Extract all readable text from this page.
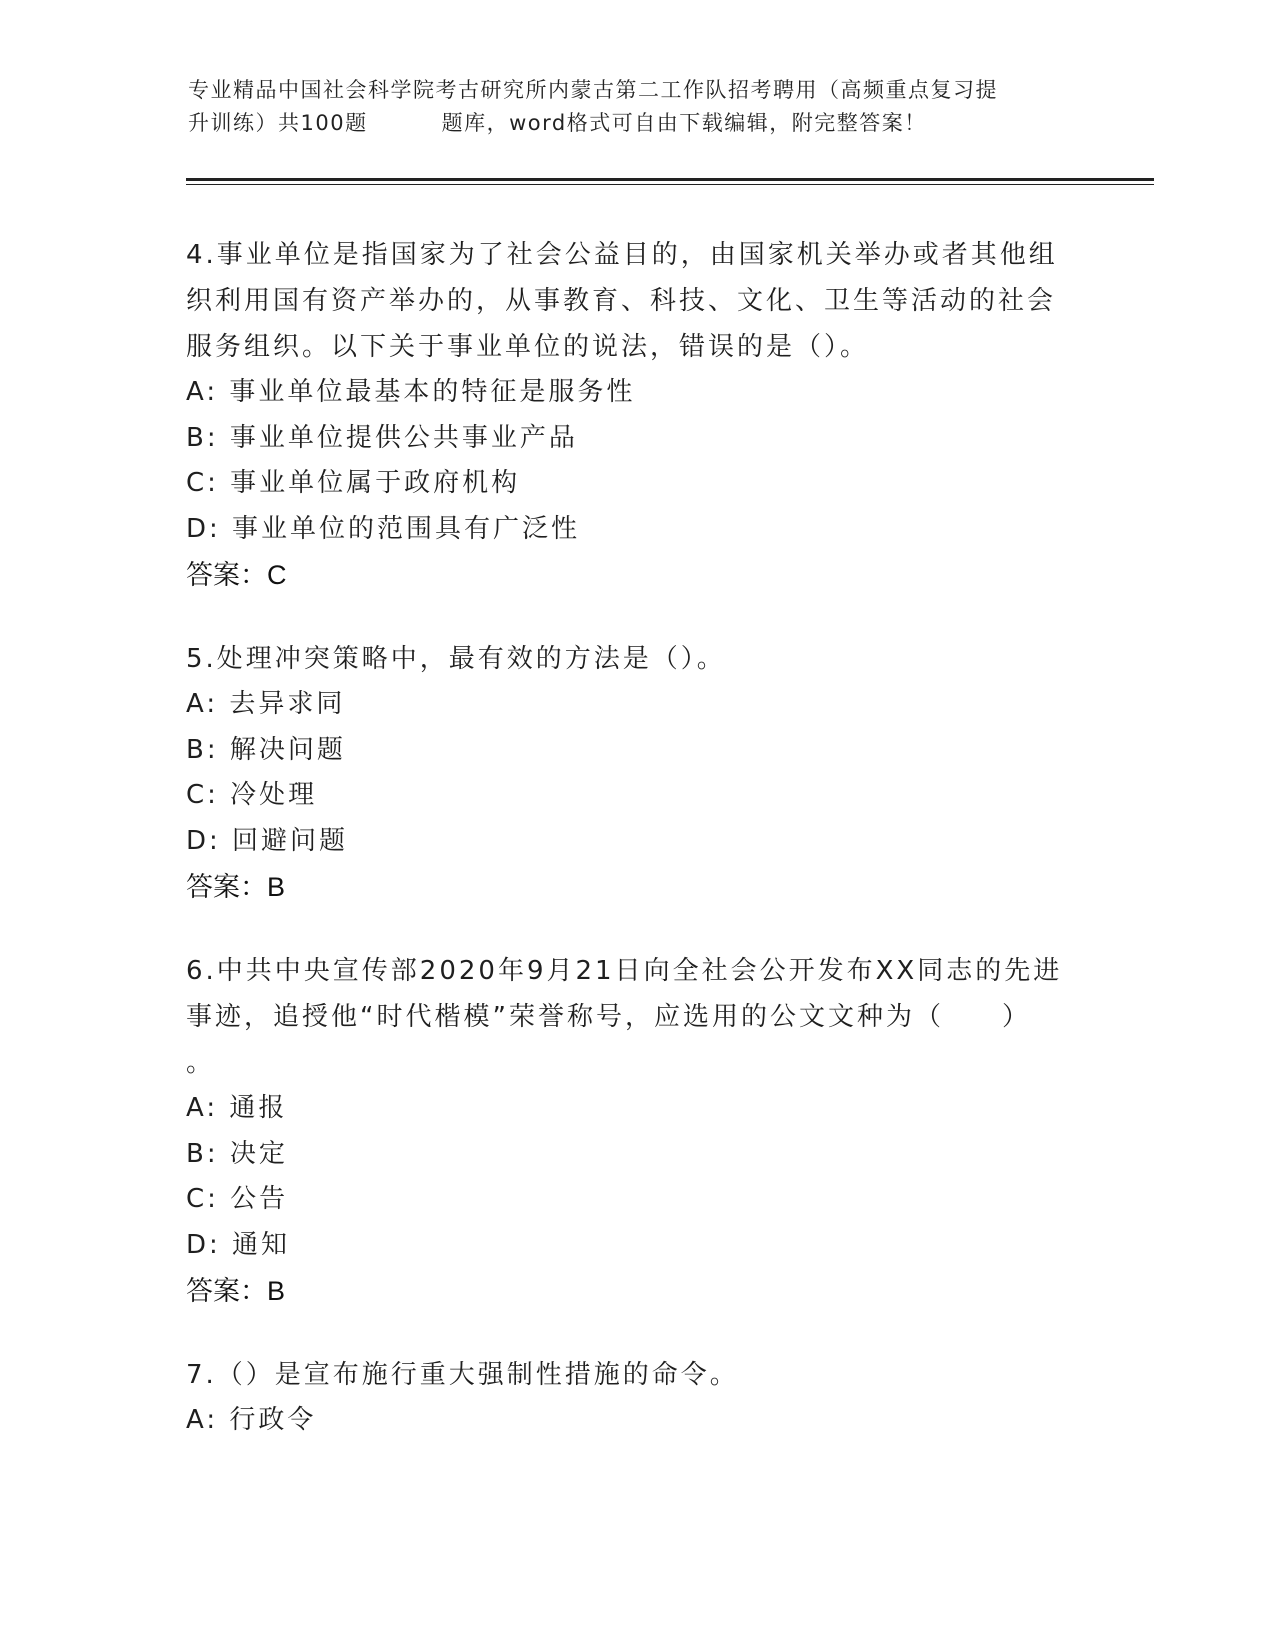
专业精品中国社会科学院考古研究所内蒙古第二工作队招考聘用（高频重点复习提
升训练）共100题	题库，word格式可自由下载编辑，附完整答案！

4.事业单位是指国家为了社会公益目的，由国家机关举办或者其他组
织利用国有资产举办的，从事教育、科技、文化、卫生等活动的社会
服务组织。以下关于事业单位的说法，错误的是（）。

A: 事业单位最基本的特征是服务性

B: 事业单位提供公共事业产品

C: 事业单位属于政府机构

D: 事业单位的范围具有广泛性

答案：C

5.处理冲突策略中，最有效的方法是（）。

A: 去异求同

B: 解决问题

C: 冷处理

D: 回避问题

答案：B

6.中共中央宣传部2020年9月21日向全社会公开发布XX同志的先进
事迹，追授他“时代楷模”荣誉称号，应选用的公文文种为（　　）
。

A: 通报

B: 决定

C: 公告

D: 通知

答案：B

7.（）是宣布施行重大强制性措施的命令。

A: 行政令
